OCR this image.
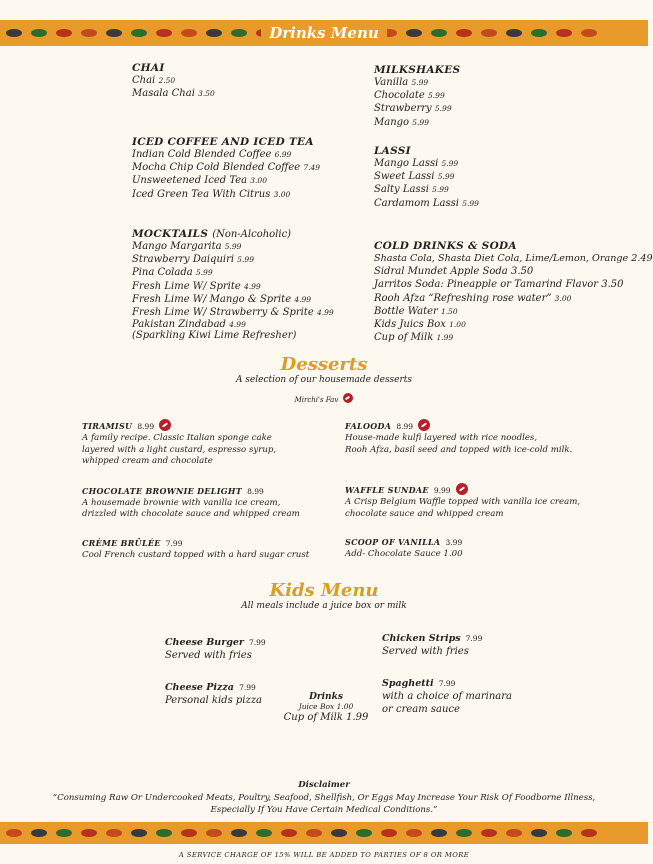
Drinks Menu
CHAI
Chai 2.50
Masala Chai 3.50
ICED COFFEE AND ICED TEA
Indian Cold Blended Coffee 6.99
Mocha Chip Cold Blended Coffee 7.49
Unsweetened Iced Tea 3.00
Iced Green Tea With Citrus 3.00
MOCKTAILS (Non-Alcoholic)
Mango Margarita 5.99
Strawberry Daiquiri 5.99
Pina Colada 5.99
Fresh Lime W/ Sprite 4.99
Fresh Lime W/ Mango & Sprite 4.99
Fresh Lime W/ Strawberry & Sprite 4.99
Pakistan Zindabad 4.99
(Sparkling Kiwi Lime Refresher)
MILKSHAKES
Vanilla 5.99
Chocolate 5.99
Strawberry 5.99
Mango 5.99
LASSI
Mango Lassi 5.99
Sweet Lassi 5.99
Salty Lassi 5.99
Cardamom Lassi 5.99
COLD DRINKS & SODA
Shasta Cola, Shasta Diet Cola, Lime/Lemon, Orange 2.49
Sidral Mundet Apple Soda 3.50
Jarritos Soda: Pineapple or Tamarind Flavor 3.50
Rooh Afza “Refreshing rose water” 3.00
Bottle Water 1.50
Kids Juics Box 1.00
Cup of Milk 1.99
Desserts
A selection of our housemade desserts
Mirchi's Fav
TIRAMISU 8.99
A family recipe. Classic Italian sponge cake
layered with a light custard, espresso syrup,
whipped cream and chocolate
CHOCOLATE BROWNIE DELIGHT 8.99
A housemade brownie with vanilla ice cream,
drizzled with chocolate sauce and whipped cream
CRÈME BRÛLÉE 7.99
Cool French custard topped with a hard sugar crust
FALOODA 8.99
House-made kulfi layered with rice noodles,
Rooh Afza, basil seed and topped with ice-cold milk.
WAFFLE SUNDAE 9.99
A Crisp Belgium Waffle topped with vanilla ice cream,
chocolate sauce and whipped cream
SCOOP OF VANILLA 3.99
Add- Chocolate Sauce 1.00
Kids Menu
All meals include a juice box or milk
Cheese Burger 7.99
Served with fries
Cheese Pizza 7.99
Personal kids pizza
Chicken Strips 7.99
Served with fries
Spaghetti 7.99
with a choice of marinara
or cream sauce
Drinks
Juice Box 1.00
Cup of Milk 1.99
Disclaimer
“Consuming Raw Or Undercooked Meats, Poultry, Seafood, Shellfish, Or Eggs May Increase Your Risk Of Foodborne Illness, Especially If You Have Certain Medical Conditions.”
A SERVICE CHARGE OF 15% WILL BE ADDED TO PARTIES OF 8 OR MORE
